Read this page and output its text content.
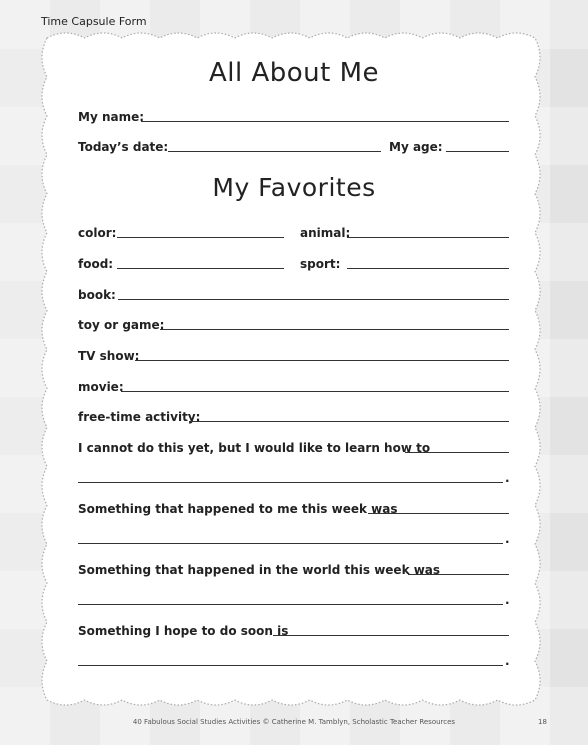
Time Capsule Form
All About Me
My name:
Today’s date:	My age:
My Favorites
color:	animal:
food:	sport:
book:
toy or game:
TV show:
movie:
free-time activity:
I cannot do this yet, but I would like to learn how to
.
Something that happened to me this week was
.
Something that happened in the world this week was
.
Something I hope to do soon is
.
40 Fabulous Social Studies Activities © Catherine M. Tamblyn, Scholastic Teacher Resources	18
